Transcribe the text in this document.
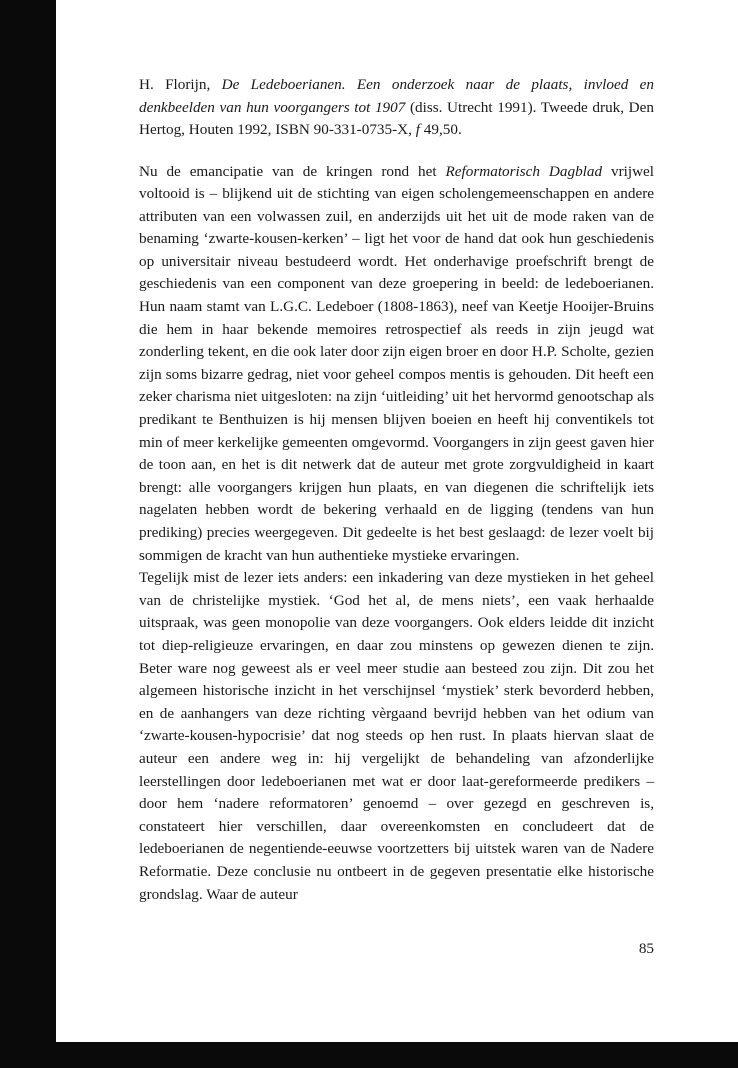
H. Florijn, De Ledeboerianen. Een onderzoek naar de plaats, invloed en denkbeelden van hun voorgangers tot 1907 (diss. Utrecht 1991). Tweede druk, Den Hertog, Houten 1992, ISBN 90-331-0735-X, f 49,50.

Nu de emancipatie van de kringen rond het Reformatorisch Dagblad vrijwel voltooid is – blijkend uit de stichting van eigen scholengemeenschappen en andere attributen van een volwassen zuil, en anderzijds uit het uit de mode raken van de benaming ‘zwarte-kousen-kerken’ – ligt het voor de hand dat ook hun geschiedenis op universitair niveau bestudeerd wordt. Het onderhavige proefschrift brengt de geschiedenis van een component van deze groepering in beeld: de ledeboerianen. Hun naam stamt van L.G.C. Ledeboer (1808-1863), neef van Keetje Hooijer-Bruins die hem in haar bekende memoires retrospectief als reeds in zijn jeugd wat zonderling tekent, en die ook later door zijn eigen broer en door H.P. Scholte, gezien zijn soms bizarre gedrag, niet voor geheel compos mentis is gehouden. Dit heeft een zeker charisma niet uitgesloten: na zijn ‘uitleiding’ uit het hervormd genootschap als predikant te Benthuizen is hij mensen blijven boeien en heeft hij conventikels tot min of meer kerkelijke gemeenten omgevormd. Voorgangers in zijn geest gaven hier de toon aan, en het is dit netwerk dat de auteur met grote zorgvuldigheid in kaart brengt: alle voorgangers krijgen hun plaats, en van diegenen die schriftelijk iets nagelaten hebben wordt de bekering verhaald en de ligging (tendens van hun prediking) precies weergegeven. Dit gedeelte is het best geslaagd: de lezer voelt bij sommigen de kracht van hun authentieke mystieke ervaringen.

Tegelijk mist de lezer iets anders: een inkadering van deze mystieken in het geheel van de christelijke mystiek. ‘God het al, de mens niets’, een vaak herhaalde uitspraak, was geen monopolie van deze voorgangers. Ook elders leidde dit inzicht tot diep-religieuze ervaringen, en daar zou minstens op gewezen dienen te zijn. Beter ware nog geweest als er veel meer studie aan besteed zou zijn. Dit zou het algemeen historische inzicht in het verschijnsel ‘mystiek’ sterk bevorderd hebben, en de aanhangers van deze richting vèrgaand bevrijd hebben van het odium van ‘zwarte-kousen-hypocrisie’ dat nog steeds op hen rust. In plaats hiervan slaat de auteur een andere weg in: hij vergelijkt de behandeling van afzonderlijke leerstellingen door ledeboerianen met wat er door laat-gereformeerde predikers – door hem ‘nadere reformatoren’ genoemd – over gezegd en geschreven is, constateert hier verschillen, daar overeenkomsten en concludeert dat de ledeboerianen de negentiende-eeuwse voortzetters bij uitstek waren van de Nadere Reformatie. Deze conclusie nu ontbeert in de gegeven presentatie elke historische grondslag. Waar de auteur

85
